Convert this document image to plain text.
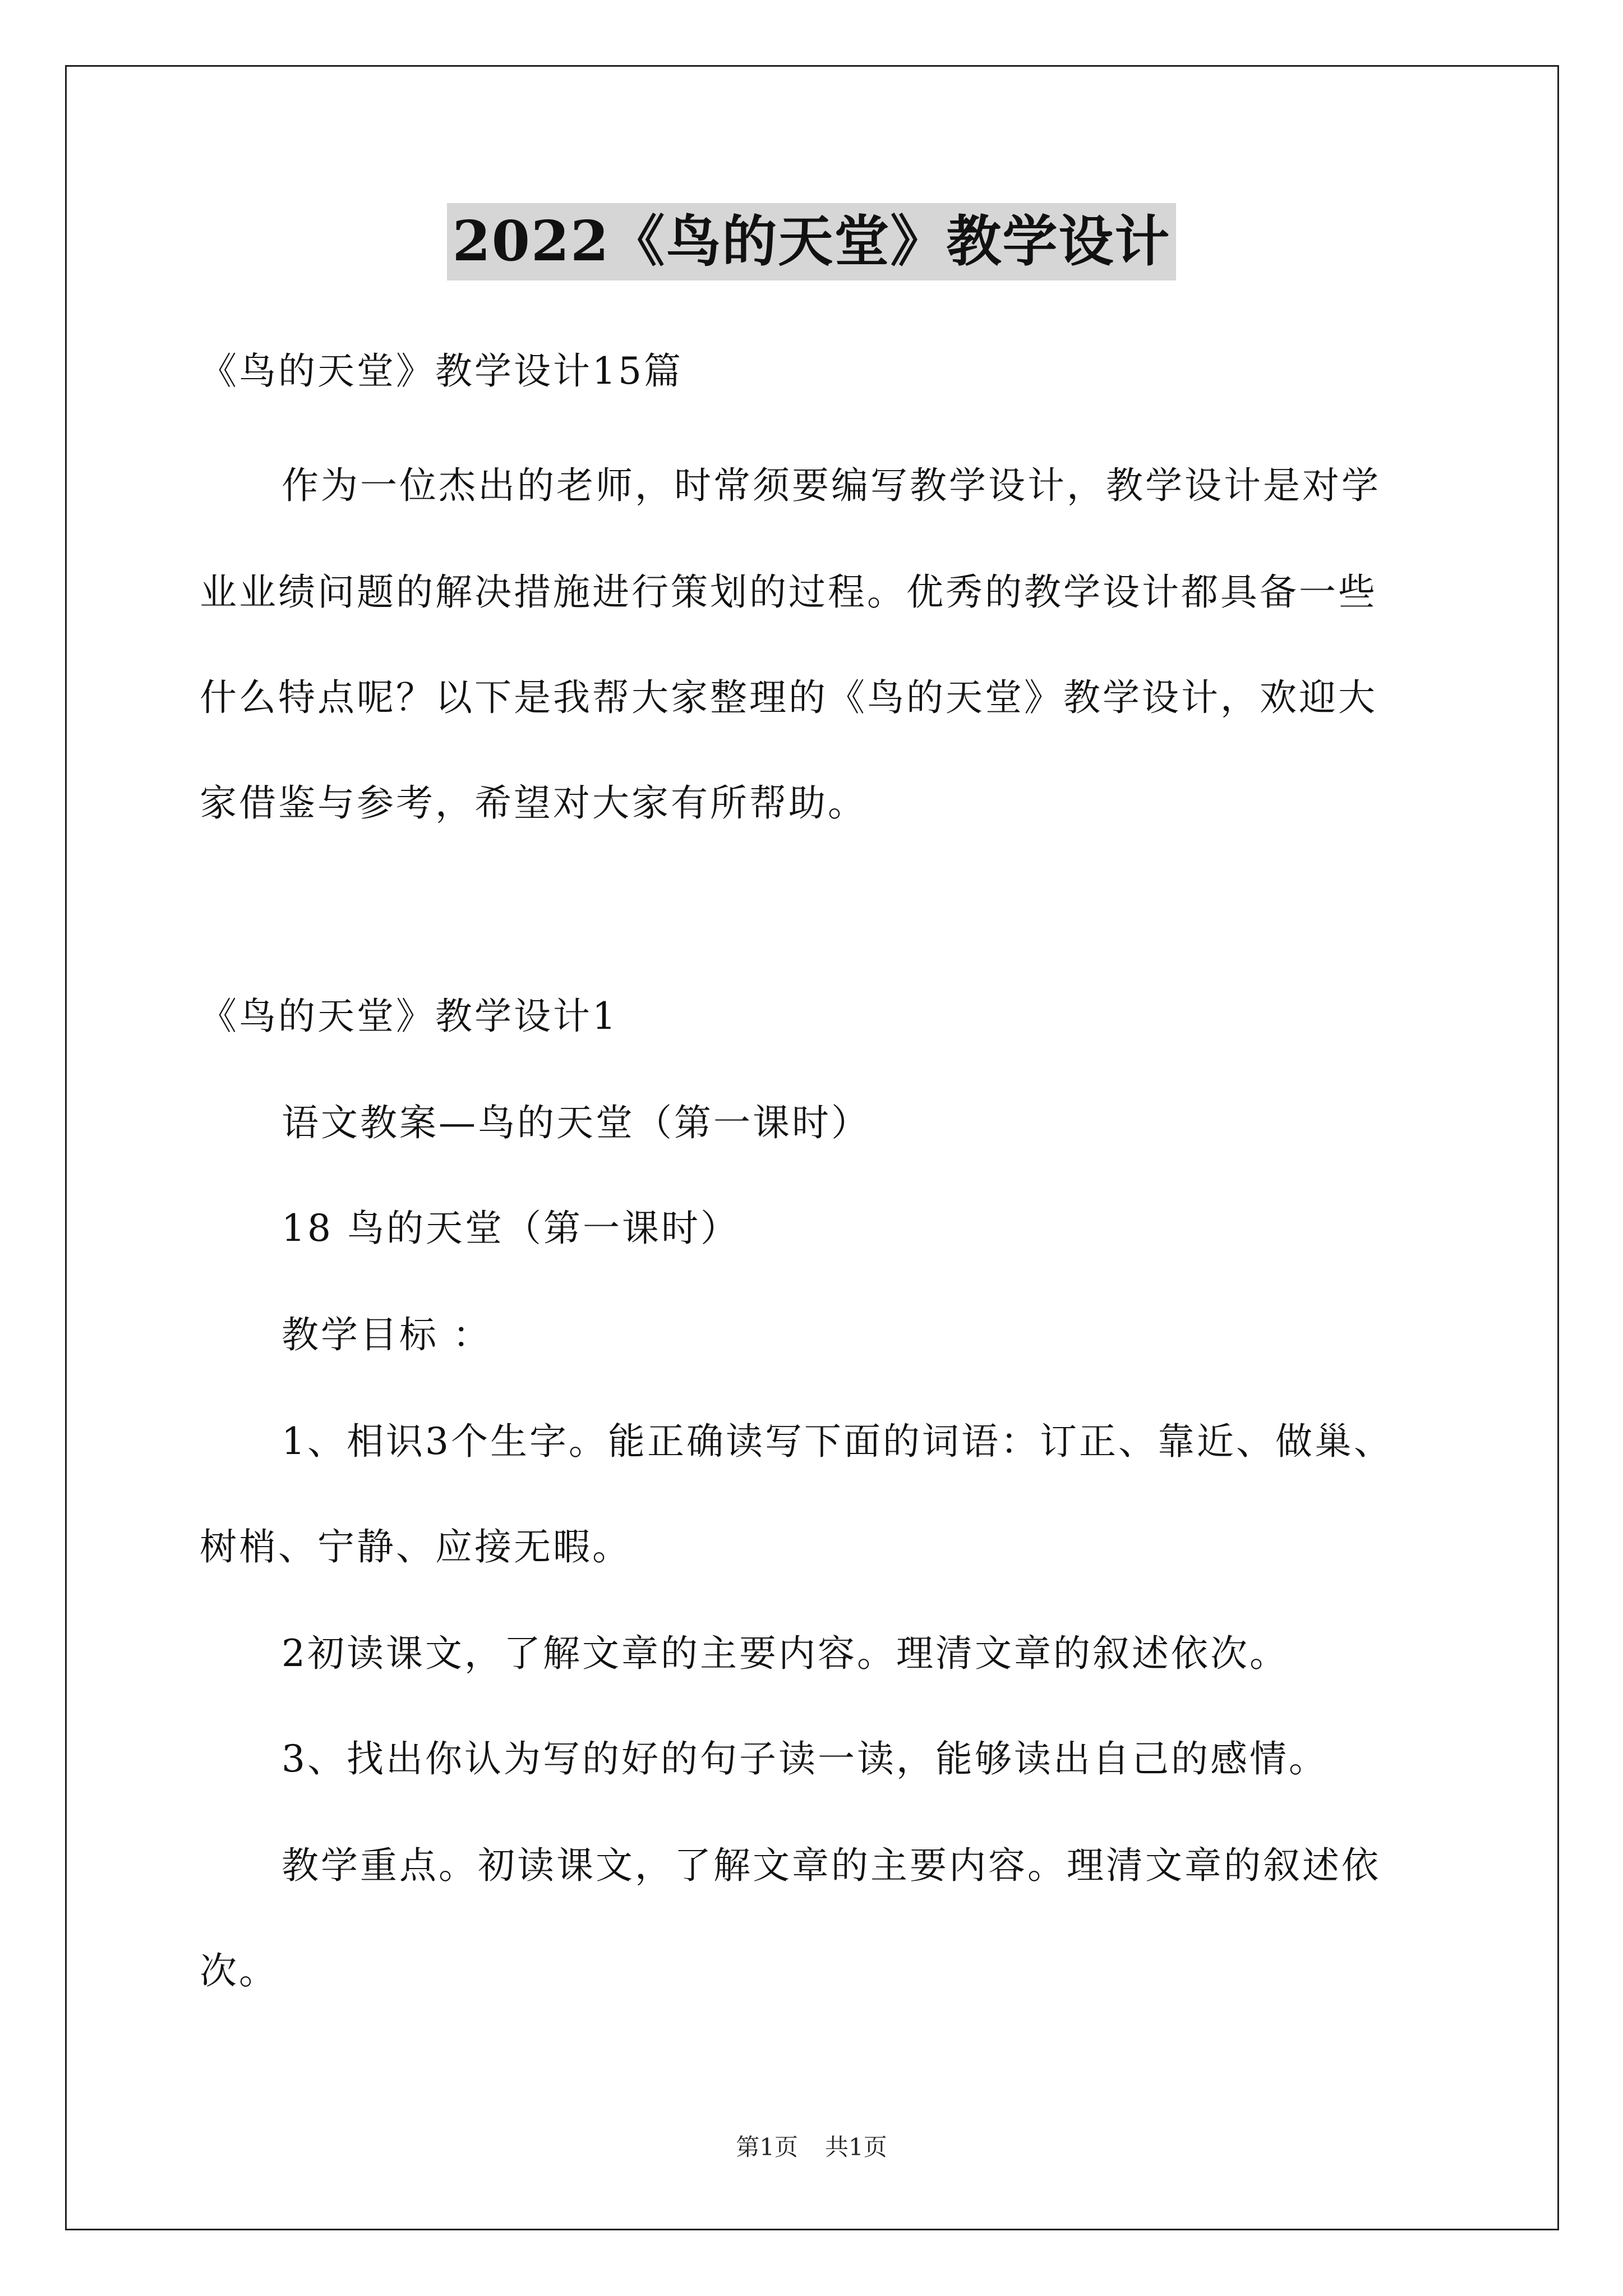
2022《鸟的天堂》教学设计

《鸟的天堂》教学设计15篇

作为一位杰出的老师，时常须要编写教学设计，教学设计是对学

业业绩问题的解决措施进行策划的过程。优秀的教学设计都具备一些

什么特点呢？以下是我帮大家整理的《鸟的天堂》教学设计，欢迎大

家借鉴与参考，希望对大家有所帮助。

《鸟的天堂》教学设计1

语文教案—鸟的天堂（第一课时）

18 鸟的天堂（第一课时）

教学目标 ：

1、相识3个生字。能正确读写下面的词语：订正、靠近、做巢、

树梢、宁静、应接无暇。

2初读课文，了解文章的主要内容。理清文章的叙述依次。

3、找出你认为写的好的句子读一读，能够读出自己的感情。

教学重点。初读课文，了解文章的主要内容。理清文章的叙述依

次。

第1页 共1页
